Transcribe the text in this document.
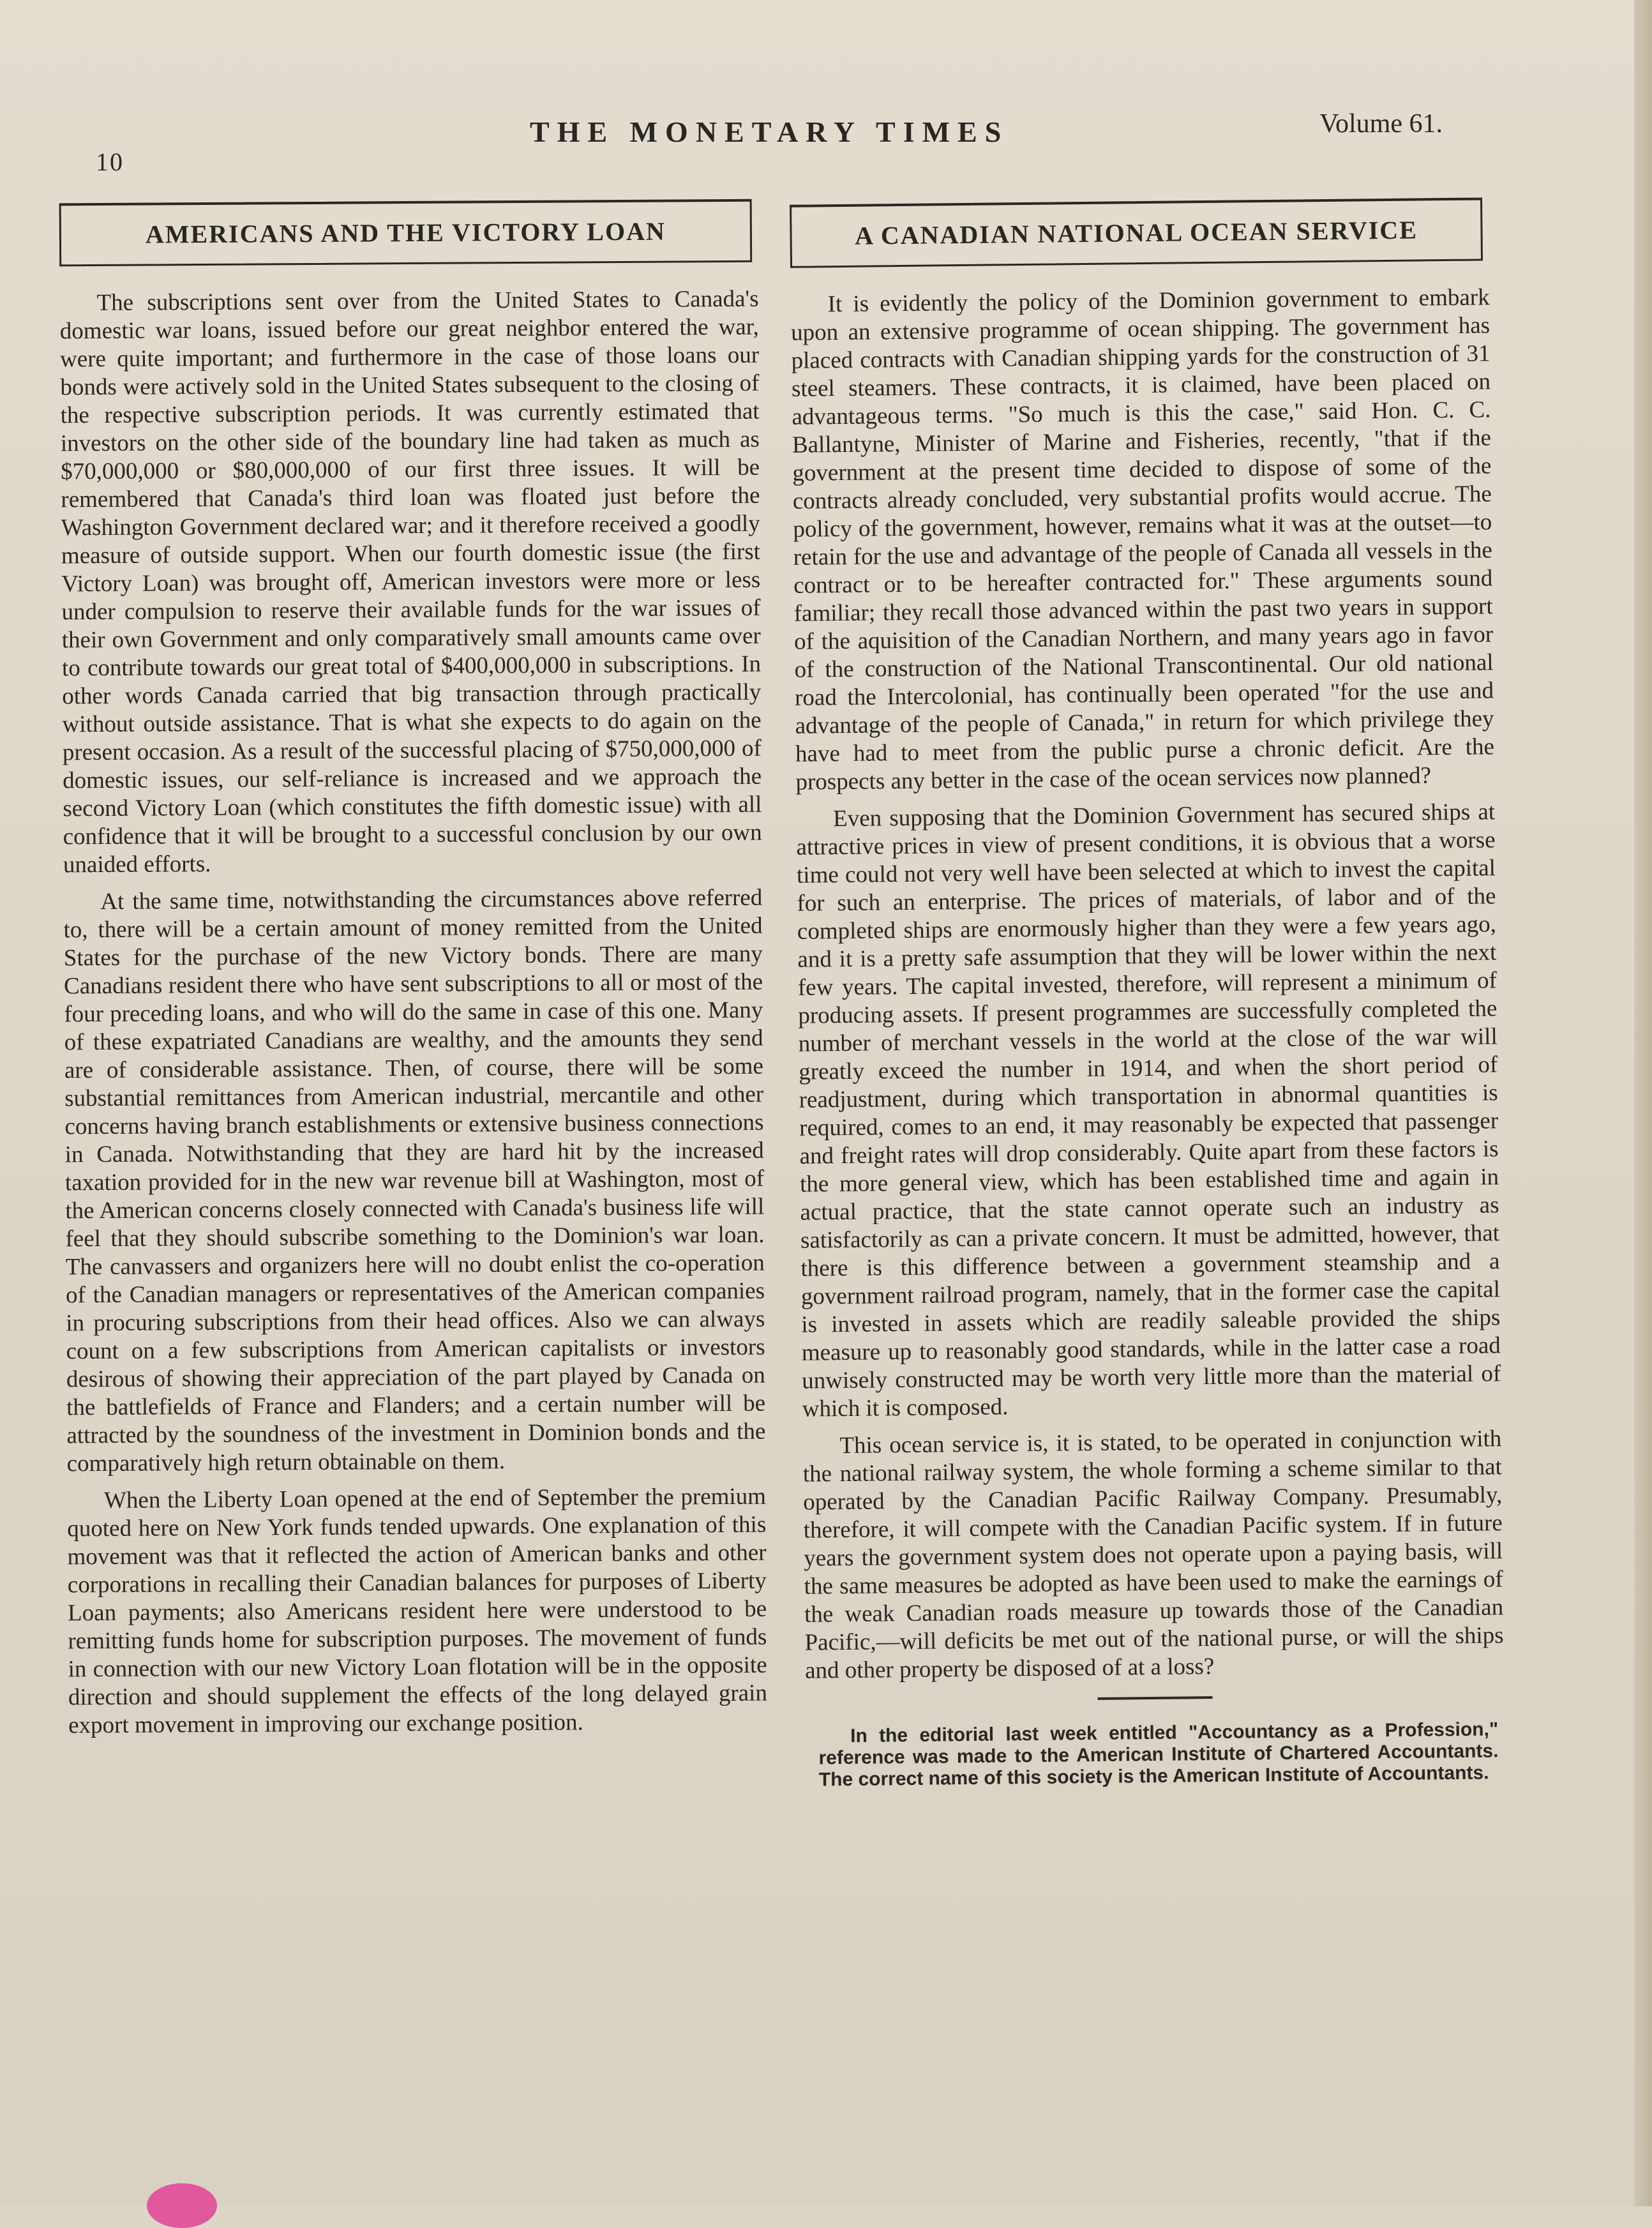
10
THE MONETARY TIMES	Volume 61.
AMERICANS AND THE VICTORY LOAN

The subscriptions sent over from the United States to Canada's domestic war loans, issued before our great neighbor entered the war, were quite important; and furthermore in the case of those loans our bonds were actively sold in the United States subsequent to the closing of the respective subscription periods. It was currently estimated that investors on the other side of the boundary line had taken as much as $70,000,000 or $80,000,000 of our first three issues. It will be remembered that Canada's third loan was floated just before the Washington Government declared war; and it therefore received a goodly measure of outside support. When our fourth domestic issue (the first Victory Loan) was brought off, American investors were more or less under compulsion to reserve their available funds for the war issues of their own Government and only comparatively small amounts came over to contribute towards our great total of $400,000,000 in subscriptions. In other words Canada carried that big transaction through practically without outside assistance. That is what she expects to do again on the present occasion. As a result of the successful placing of $750,000,000 of domestic issues, our self-reliance is increased and we approach the second Victory Loan (which constitutes the fifth domestic issue) with all confidence that it will be brought to a successful conclusion by our own unaided efforts.

At the same time, notwithstanding the circumstances above referred to, there will be a certain amount of money remitted from the United States for the purchase of the new Victory bonds. There are many Canadians resident there who have sent subscriptions to all or most of the four preceding loans, and who will do the same in case of this one. Many of these expatriated Canadians are wealthy, and the amounts they send are of considerable assistance. Then, of course, there will be some substantial remittances from American industrial, mercantile and other concerns having branch establishments or extensive business connections in Canada. Notwithstanding that they are hard hit by the increased taxation provided for in the new war revenue bill at Washington, most of the American concerns closely connected with Canada's business life will feel that they should subscribe something to the Dominion's war loan. The canvassers and organizers here will no doubt enlist the co-operation of the Canadian managers or representatives of the American companies in procuring subscriptions from their head offices. Also we can always count on a few subscriptions from American capitalists or investors desirous of showing their appreciation of the part played by Canada on the battlefields of France and Flanders; and a certain number will be attracted by the soundness of the investment in Dominion bonds and the comparatively high return obtainable on them.

When the Liberty Loan opened at the end of September the premium quoted here on New York funds tended upwards. One explanation of this movement was that it reflected the action of American banks and other corporations in recalling their Canadian balances for purposes of Liberty Loan payments; also Americans resident here were understood to be remitting funds home for subscription purposes. The movement of funds in connection with our new Victory Loan flotation will be in the opposite direction and should supplement the effects of the long delayed grain export movement in improving our exchange position.

A CANADIAN NATIONAL OCEAN SERVICE

It is evidently the policy of the Dominion government to embark upon an extensive programme of ocean shipping. The government has placed contracts with Canadian shipping yards for the construction of 31 steel steamers. These contracts, it is claimed, have been placed on advantageous terms. "So much is this the case," said Hon. C. C. Ballantyne, Minister of Marine and Fisheries, recently, "that if the government at the present time decided to dispose of some of the contracts already concluded, very substantial profits would accrue. The policy of the government, however, remains what it was at the outset—to retain for the use and advantage of the people of Canada all vessels in the contract or to be hereafter contracted for." These arguments sound familiar; they recall those advanced within the past two years in support of the aquisition of the Canadian Northern, and many years ago in favor of the construction of the National Transcontinental. Our old national road the Intercolonial, has continually been operated "for the use and advantage of the people of Canada," in return for which privilege they have had to meet from the public purse a chronic deficit. Are the prospects any better in the case of the ocean services now planned?

Even supposing that the Dominion Government has secured ships at attractive prices in view of present conditions, it is obvious that a worse time could not very well have been selected at which to invest the capital for such an enterprise. The prices of materials, of labor and of the completed ships are enormously higher than they were a few years ago, and it is a pretty safe assumption that they will be lower within the next few years. The capital invested, therefore, will represent a minimum of producing assets. If present programmes are successfully completed the number of merchant vessels in the world at the close of the war will greatly exceed the number in 1914, and when the short period of readjustment, during which transportation in abnormal quantities is required, comes to an end, it may reasonably be expected that passenger and freight rates will drop considerably. Quite apart from these factors is the more general view, which has been established time and again in actual practice, that the state cannot operate such an industry as satisfactorily as can a private concern. It must be admitted, however, that there is this difference between a government steamship and a government railroad program, namely, that in the former case the capital is invested in assets which are readily saleable provided the ships measure up to reasonably good standards, while in the latter case a road unwisely constructed may be worth very little more than the material of which it is composed.

This ocean service is, it is stated, to be operated in conjunction with the national railway system, the whole forming a scheme similar to that operated by the Canadian Pacific Railway Company. Presumably, therefore, it will compete with the Canadian Pacific system. If in future years the government system does not operate upon a paying basis, will the same measures be adopted as have been used to make the earnings of the weak Canadian roads measure up towards those of the Canadian Pacific,—will deficits be met out of the national purse, or will the ships and other property be disposed of at a loss?

In the editorial last week entitled "Accountancy as a Profession," reference was made to the American Institute of Chartered Accountants. The correct name of this society is the American Institute of Accountants.
